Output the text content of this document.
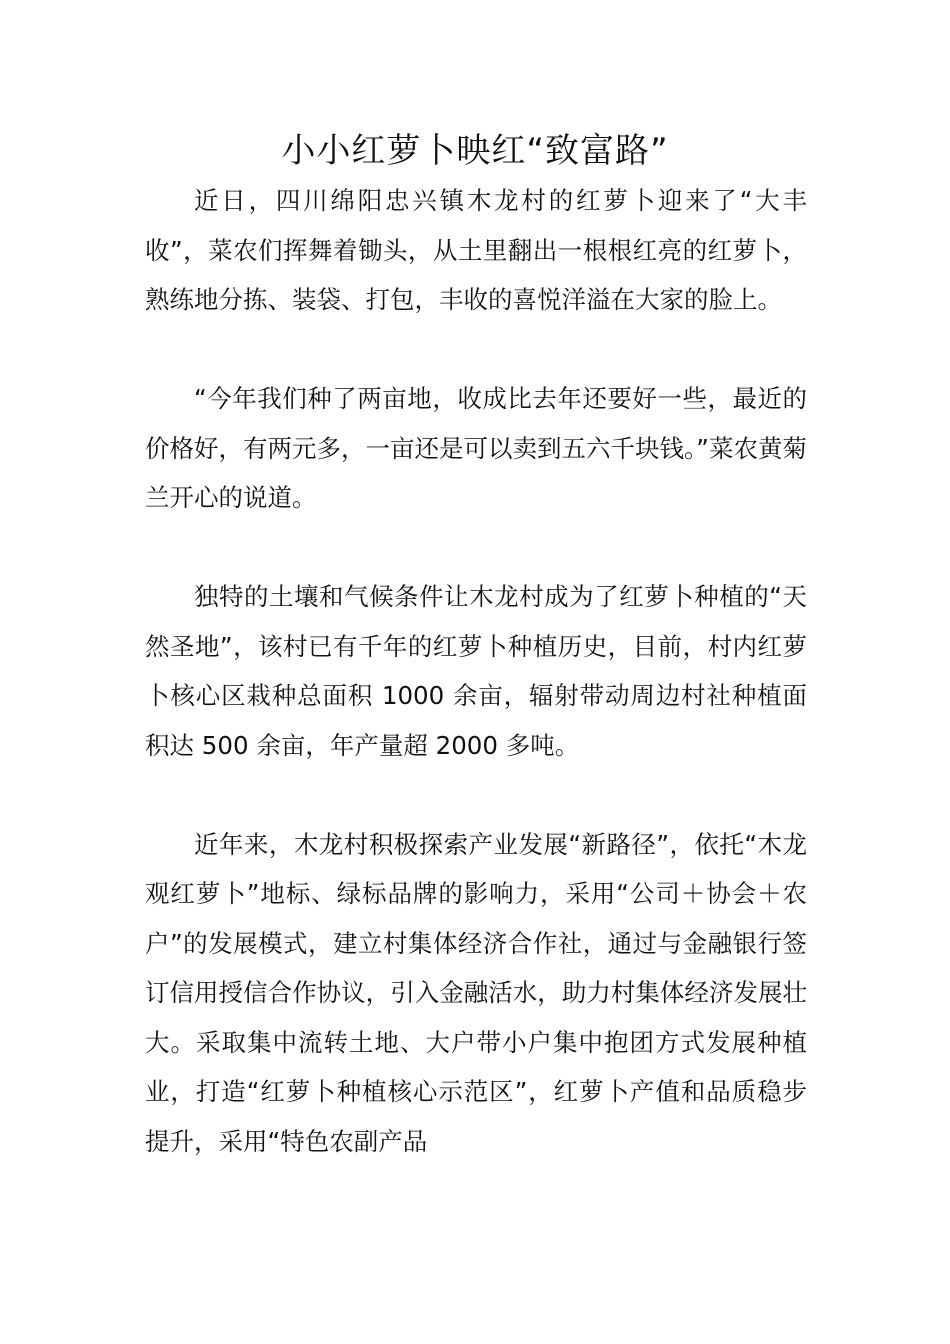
小小红萝卜映红“致富路”

近日，四川绵阳忠兴镇木龙村的红萝卜迎来了“大丰收”，菜农们挥舞着锄头，从土里翻出一根根红亮的红萝卜，熟练地分拣、装袋、打包，丰收的喜悦洋溢在大家的脸上。

“今年我们种了两亩地，收成比去年还要好一些，最近的价格好，有两元多，一亩还是可以卖到五六千块钱。”菜农黄菊兰开心的说道。

独特的土壤和气候条件让木龙村成为了红萝卜种植的“天然圣地”，该村已有千年的红萝卜种植历史，目前，村内红萝卜核心区栽种总面积 1000 余亩，辐射带动周边村社种植面积达 500 余亩，年产量超 2000 多吨。

近年来，木龙村积极探索产业发展“新路径”，依托“木龙观红萝卜”地标、绿标品牌的影响力，采用“公司＋协会＋农户”的发展模式，建立村集体经济合作社，通过与金融银行签订信用授信合作协议，引入金融活水，助力村集体经济发展壮大。采取集中流转土地、大户带小户集中抱团方式发展种植业，打造“红萝卜种植核心示范区”，红萝卜产值和品质稳步提升，采用“特色农副产品
